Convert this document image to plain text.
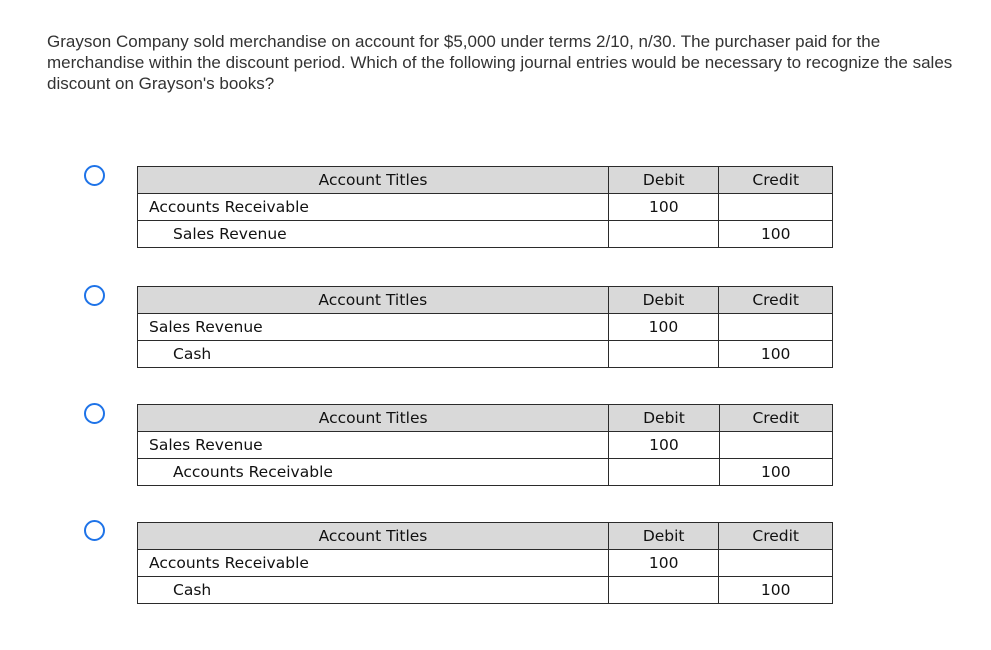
Grayson Company sold merchandise on account for $5,000 under terms 2/10, n/30. The purchaser paid for the merchandise within the discount period. Which of the following journal entries would be necessary to recognize the sales discount on Grayson's books?
Account Titles	Debit	Credit
Accounts Receivable	100	
Sales Revenue		100
Account Titles	Debit	Credit
Sales Revenue	100	
Cash		100
Account Titles	Debit	Credit
Sales Revenue	100	
Accounts Receivable		100
Account Titles	Debit	Credit
Accounts Receivable	100	
Cash		100
